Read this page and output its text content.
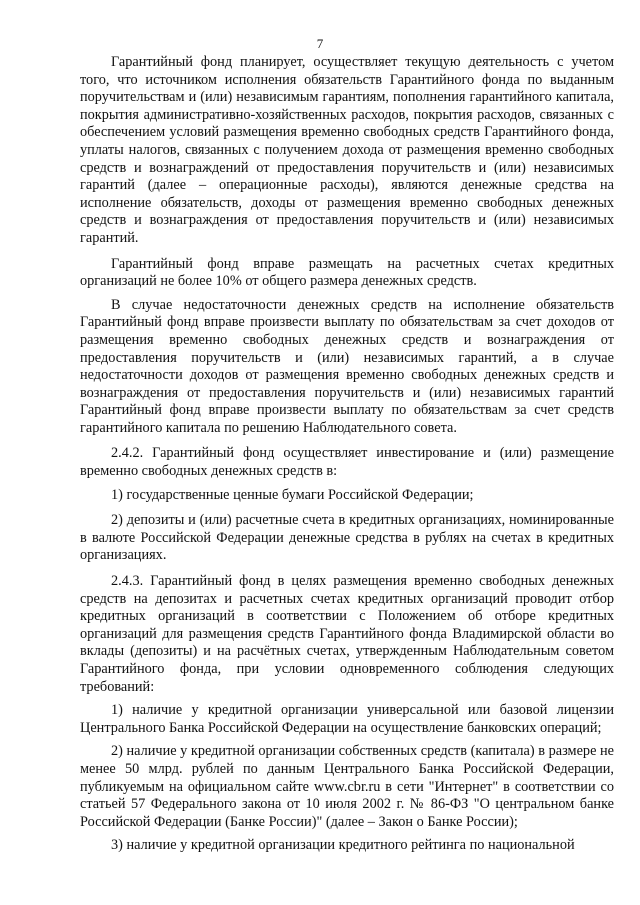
7

Гарантийный фонд планирует, осуществляет текущую деятельность с учетом того, что источником исполнения обязательств Гарантийного фонда по выданным поручительствам и (или) независимым гарантиям, пополнения гарантийного капитала, покрытия административно-хозяйственных расходов, покрытия расходов, связанных с обеспечением условий размещения временно свободных средств Гарантийного фонда, уплаты налогов, связанных с получением дохода от размещения временно свободных средств и вознаграждений от предоставления поручительств и (или) независимых гарантий (далее – операционные расходы), являются денежные средства на исполнение обязательств, доходы от размещения временно свободных денежных средств и вознаграждения от предоставления поручительств и (или) независимых гарантий.

Гарантийный фонд вправе размещать на расчетных счетах кредитных организаций не более 10% от общего размера денежных средств.

В случае недостаточности денежных средств на исполнение обязательств Гарантийный фонд вправе произвести выплату по обязательствам за счет доходов от размещения временно свободных денежных средств и вознаграждения от предоставления поручительств и (или) независимых гарантий, а в случае недостаточности доходов от размещения временно свободных денежных средств и вознаграждения от предоставления поручительств и (или) независимых гарантий Гарантийный фонд вправе произвести выплату по обязательствам за счет средств гарантийного капитала по решению Наблюдательного совета.

2.4.2. Гарантийный фонд осуществляет инвестирование и (или) размещение временно свободных денежных средств в:

1) государственные ценные бумаги Российской Федерации;

2) депозиты и (или) расчетные счета в кредитных организациях, номинированные в валюте Российской Федерации денежные средства в рублях на счетах в кредитных организациях.

2.4.3. Гарантийный фонд в целях размещения временно свободных денежных средств на депозитах и расчетных счетах кредитных организаций проводит отбор кредитных организаций в соответствии с Положением об отборе кредитных организаций для размещения средств Гарантийного фонда Владимирской области во вклады (депозиты) и на расчётных счетах, утвержденным Наблюдательным советом Гарантийного фонда, при условии одновременного соблюдения следующих требований:

1) наличие у кредитной организации универсальной или базовой лицензии Центрального Банка Российской Федерации на осуществление банковских операций;

2) наличие у кредитной организации собственных средств (капитала) в размере не менее 50 млрд. рублей по данным Центрального Банка Российской Федерации, публикуемым на официальном сайте www.cbr.ru в сети "Интернет" в соответствии со статьей 57 Федерального закона от 10 июля 2002 г. № 86-ФЗ "О центральном банке Российской Федерации (Банке России)" (далее – Закон о Банке России);

3) наличие у кредитной организации кредитного рейтинга по национальной
